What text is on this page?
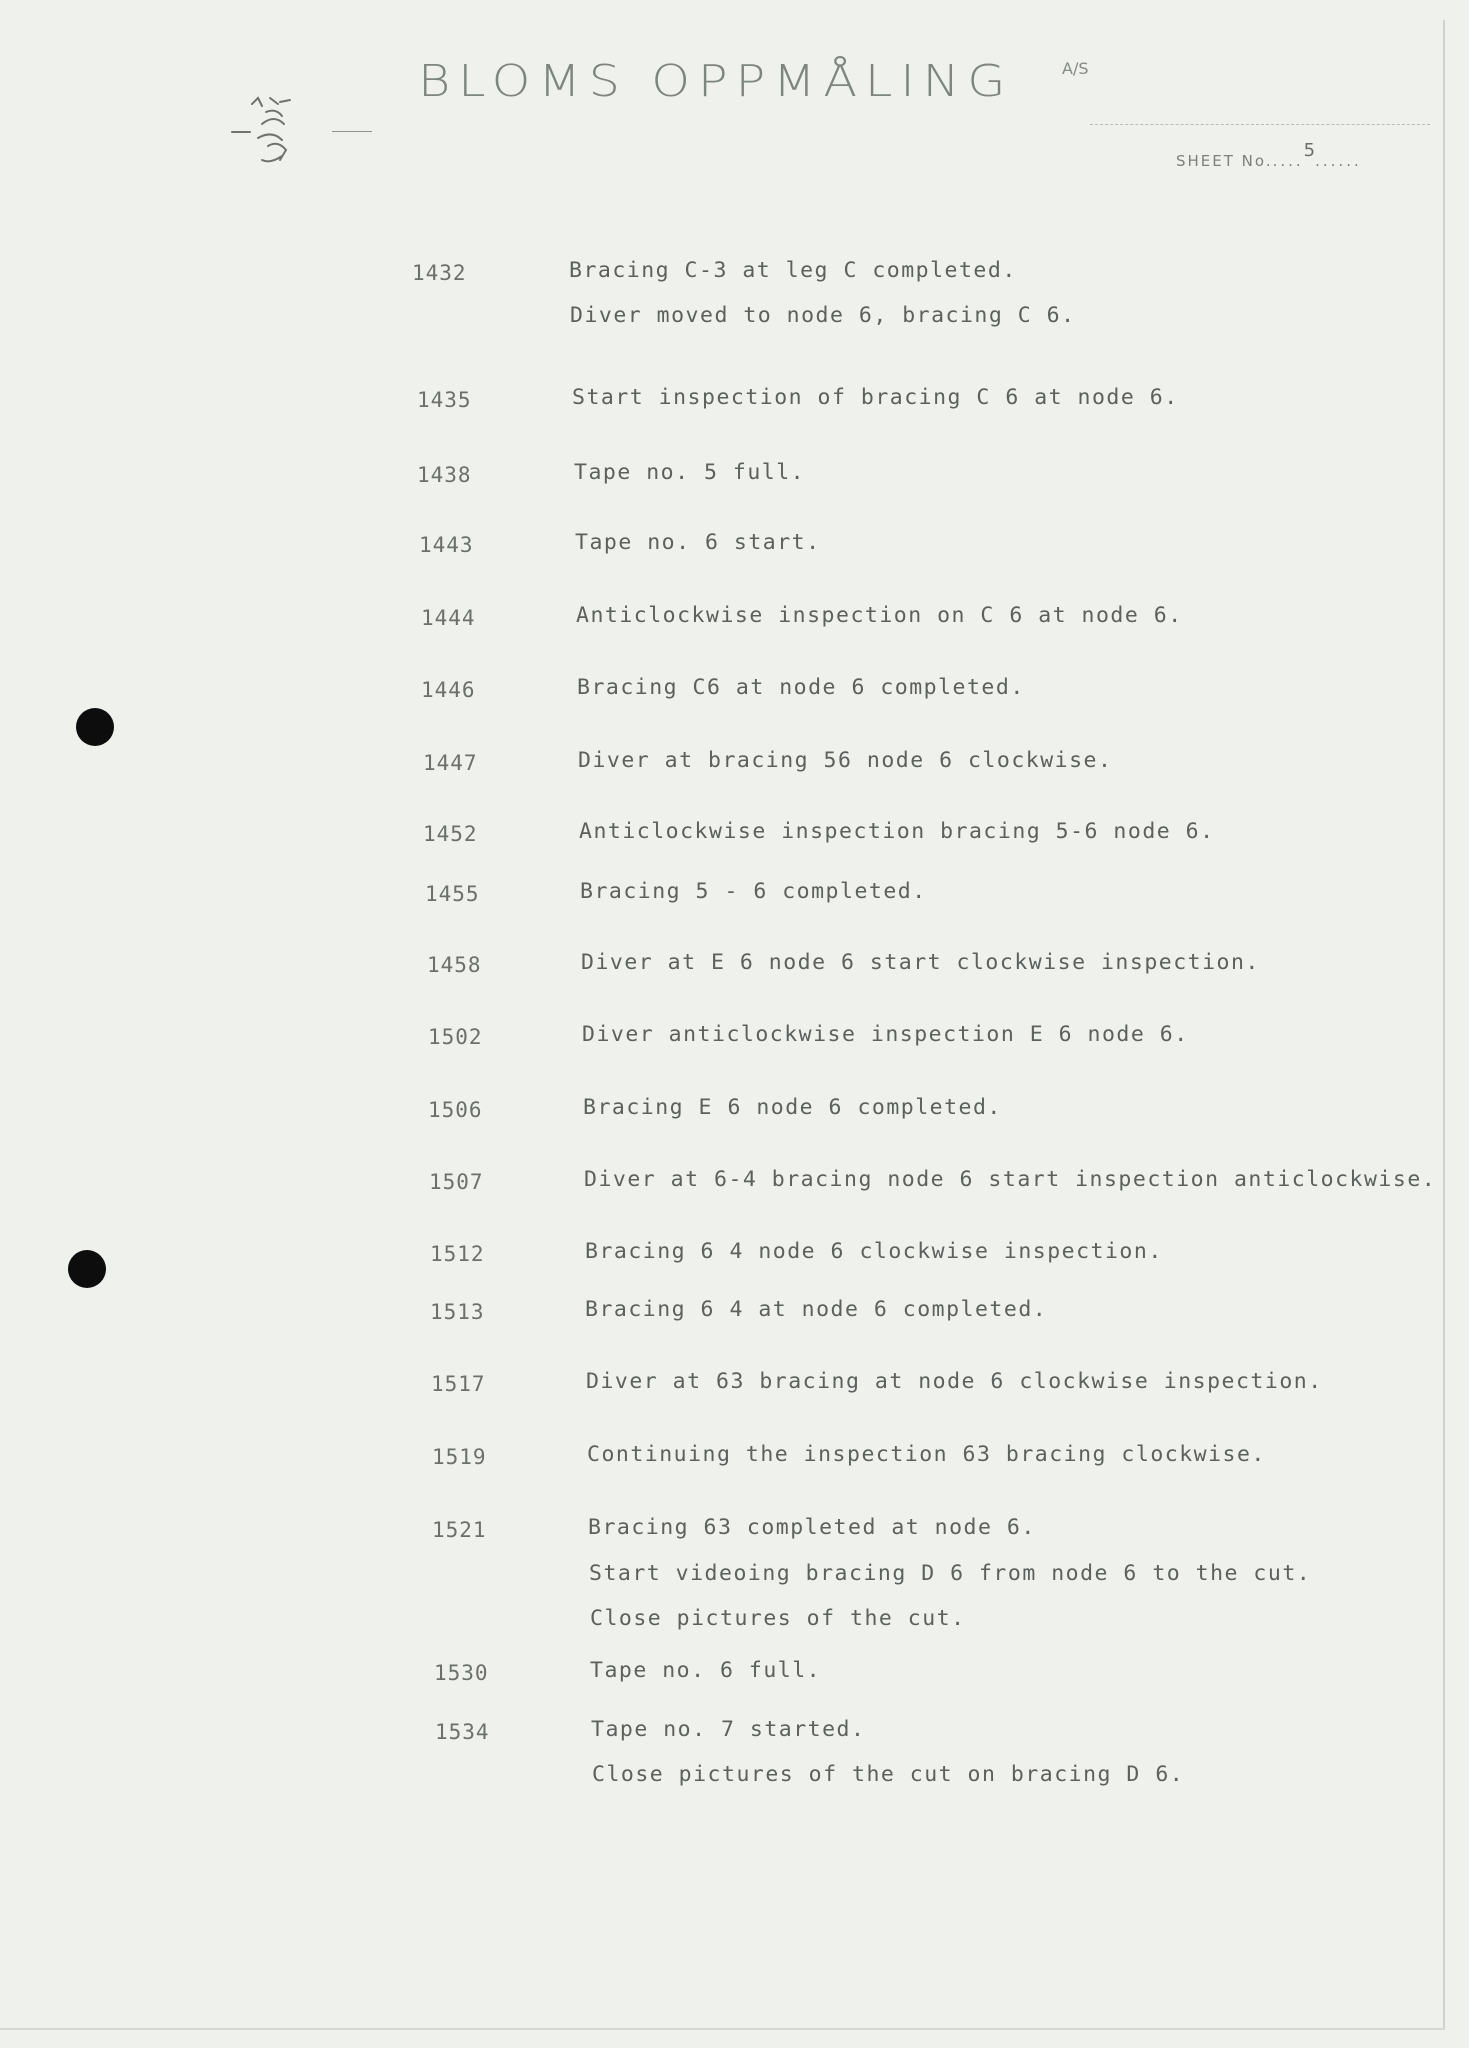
BLOMS OPPMÅLING	A/S
SHEET No.....5......
1432	Bracing C-3 at leg C completed.
Diver moved to node 6, bracing C 6.
1435	Start inspection of bracing C 6 at node 6.
1438	Tape no. 5 full.
1443	Tape no. 6 start.
1444	Anticlockwise inspection on C 6 at node 6.
1446	Bracing C6 at node 6 completed.
1447	Diver at bracing 56 node 6 clockwise.
1452	Anticlockwise inspection bracing 5-6 node 6.
1455	Bracing 5 - 6 completed.
1458	Diver at E 6 node 6 start clockwise inspection.
1502	Diver anticlockwise inspection E 6 node 6.
1506	Bracing E 6 node 6 completed.
1507	Diver at 6-4 bracing node 6 start inspection anticlockwise.
1512	Bracing 6 4 node 6 clockwise inspection.
1513	Bracing 6 4 at node 6 completed.
1517	Diver at 63 bracing at node 6 clockwise inspection.
1519	Continuing the inspection 63 bracing clockwise.
1521	Bracing 63 completed at node 6.
Start videoing bracing D 6 from node 6 to the cut.
Close pictures of the cut.
1530	Tape no. 6 full.
1534	Tape no. 7 started.
Close pictures of the cut on bracing D 6.
